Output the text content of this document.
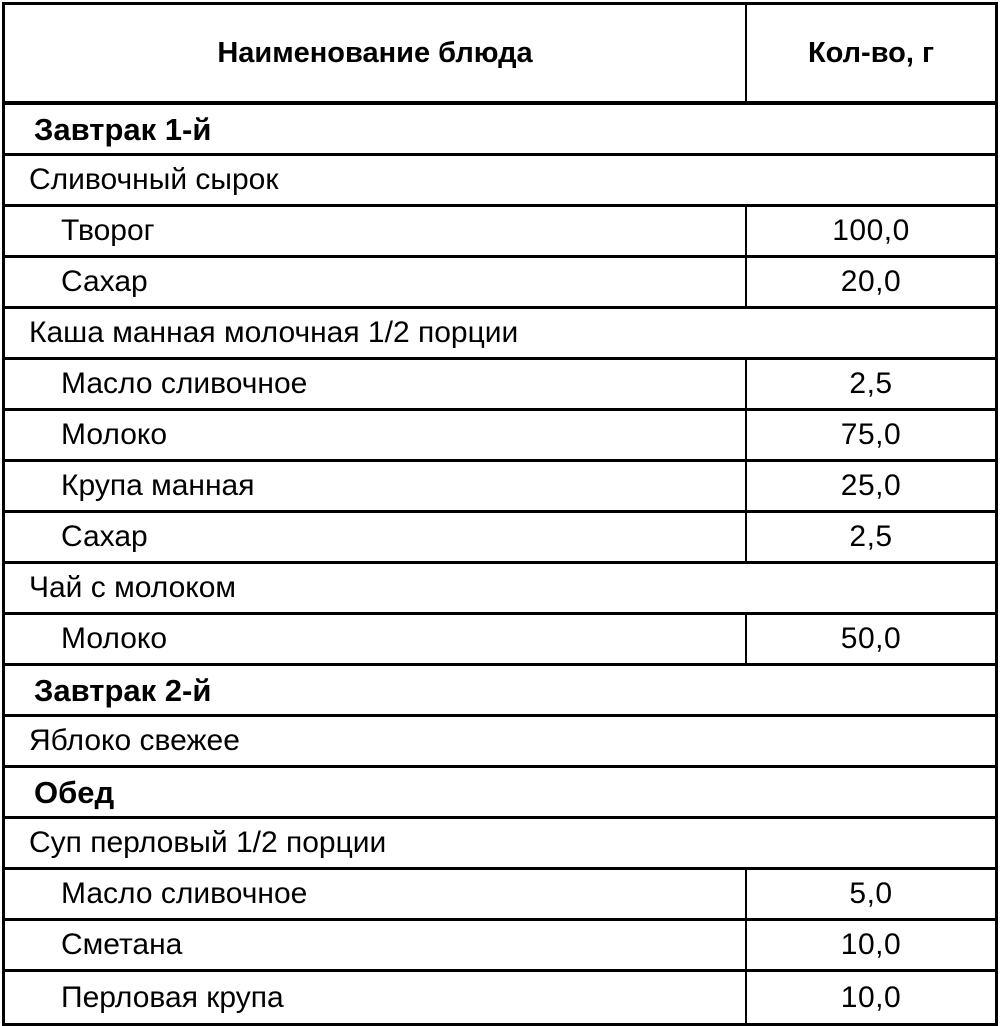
Наименование блюда	Кол-во, г
Завтрак 1-й
Сливочный сырок
Творог	100,0
Сахар	20,0
Каша манная молочная 1/2 порции
Масло сливочное	2,5
Молоко	75,0
Крупа манная	25,0
Сахар	2,5
Чай с молоком
Молоко	50,0
Завтрак 2-й
Яблоко свежее
Обед
Суп перловый 1/2 порции
Масло сливочное	5,0
Сметана	10,0
Перловая крупа	10,0
